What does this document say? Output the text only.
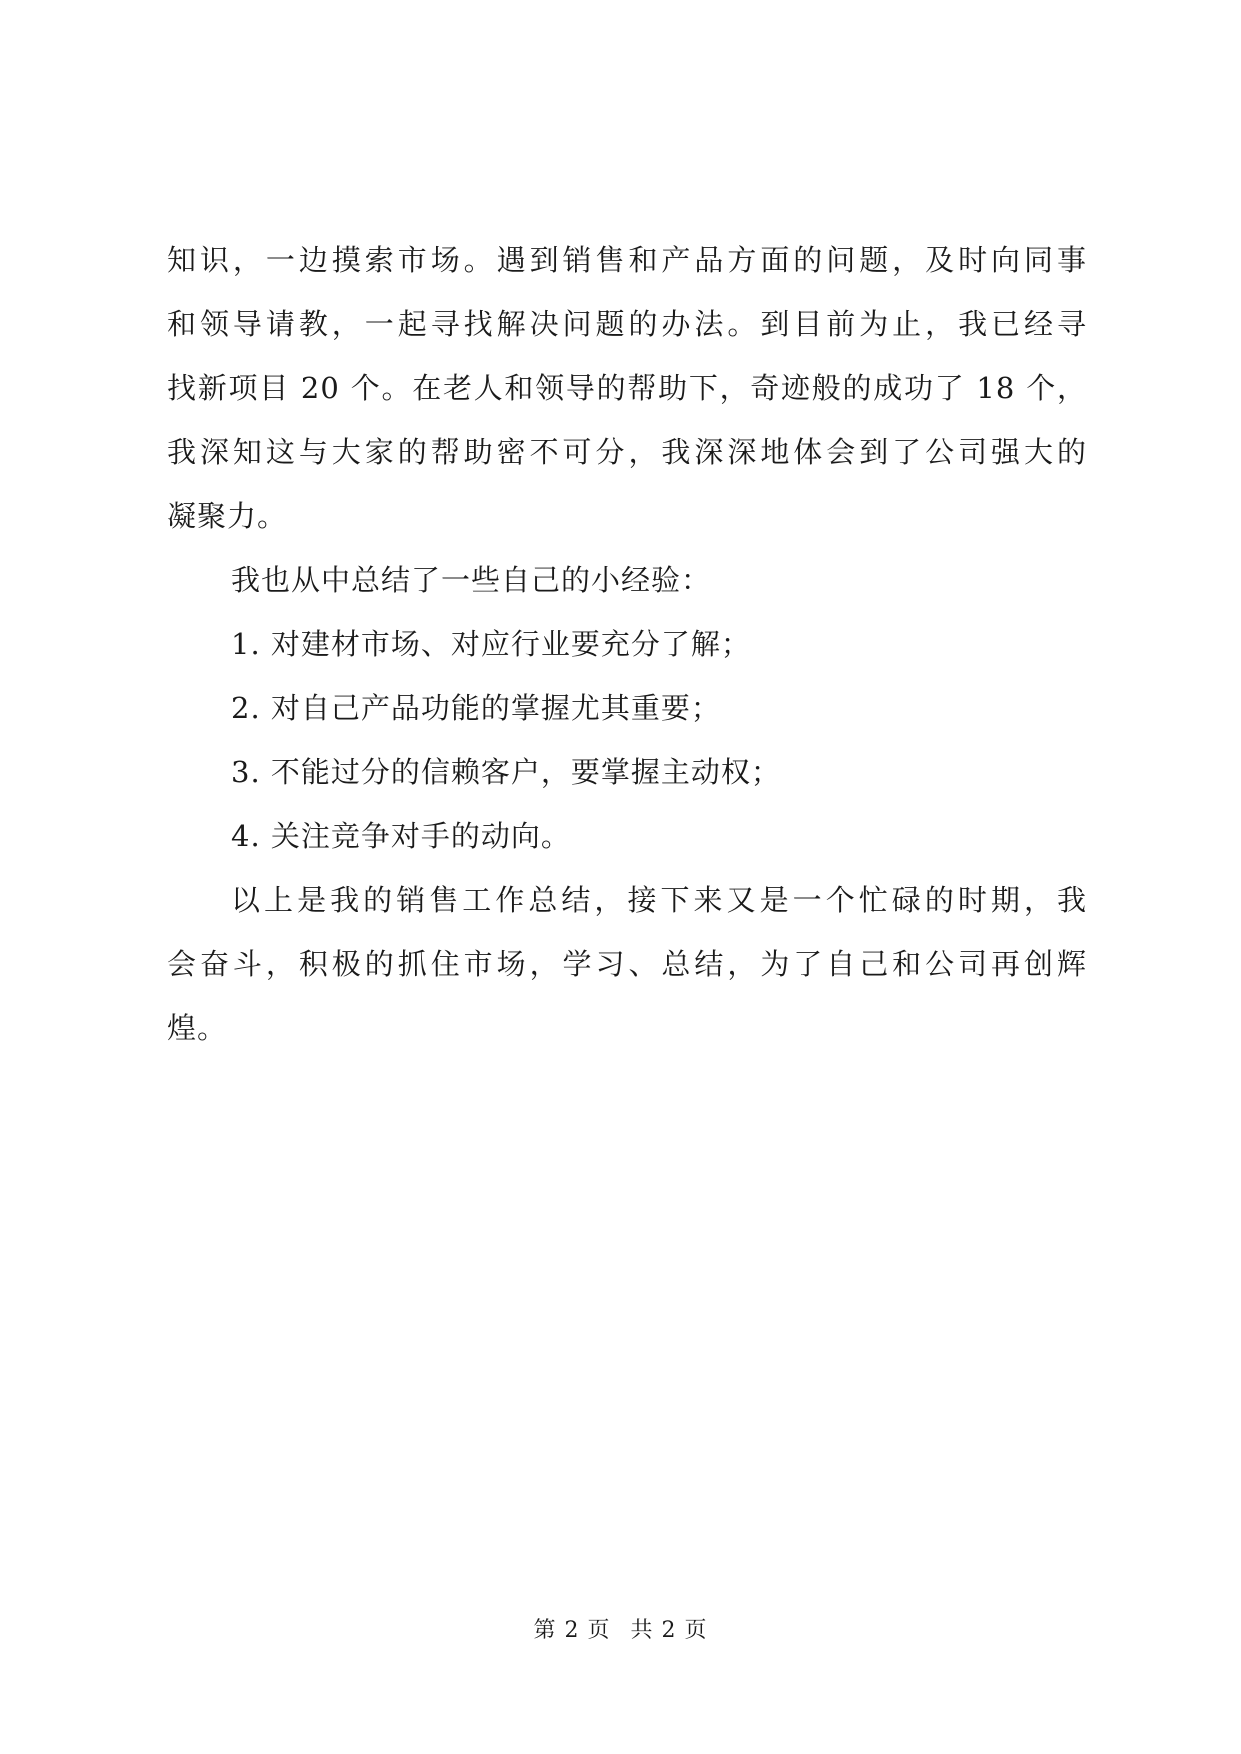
知识，一边摸索市场。遇到销售和产品方面的问题，及时向同事
和领导请教，一起寻找解决问题的办法。到目前为止，我已经寻
找新项目 20 个。在老人和领导的帮助下，奇迹般的成功了 18 个，
我深知这与大家的帮助密不可分，我深深地体会到了公司强大的
凝聚力。
我也从中总结了一些自己的小经验：
1. 对建材市场、对应行业要充分了解；
2. 对自己产品功能的掌握尤其重要；
3. 不能过分的信赖客户，要掌握主动权；
4. 关注竞争对手的动向。
以上是我的销售工作总结，接下来又是一个忙碌的时期，我
会奋斗，积极的抓住市场，学习、总结，为了自己和公司再创辉
煌。
第 2 页 共 2 页
